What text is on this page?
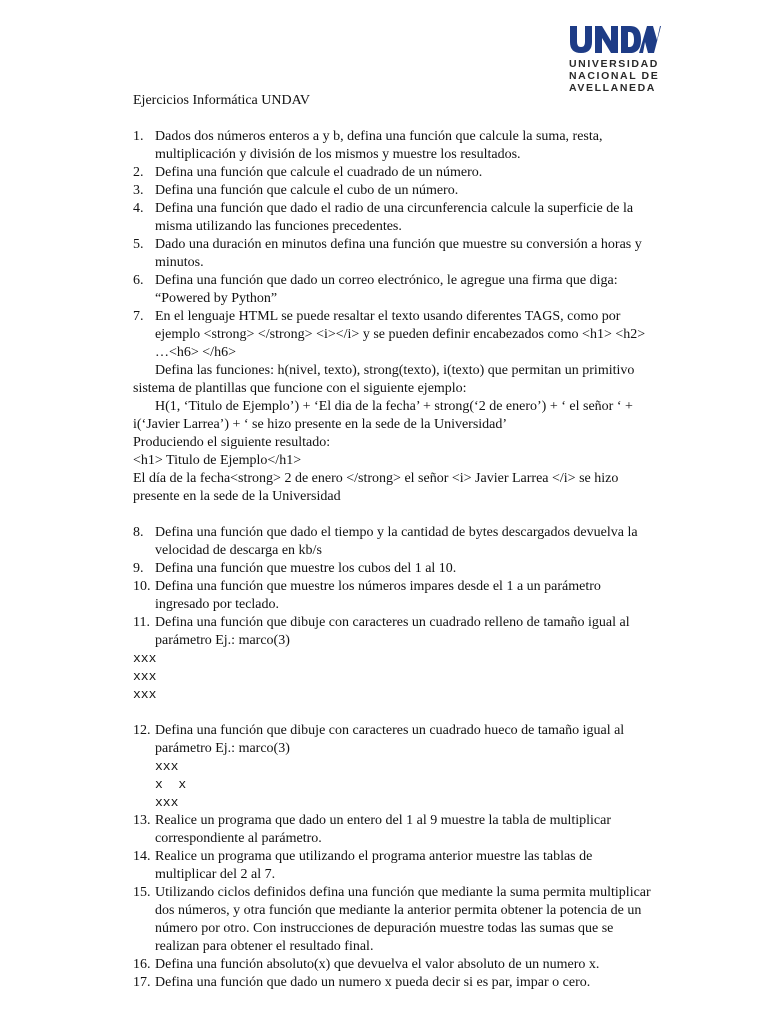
UNIVERSIDAD
NACIONAL DE
AVELLANEDA
Ejercicios Informática UNDAV
1. Dados dos números enteros a y b, defina una función que calcule la suma, resta, multiplicación y división de los mismos y muestre los resultados.
2. Defina una función que calcule el cuadrado de un número.
3. Defina una función que calcule el cubo de un número.
4. Defina una función que dado el radio de una circunferencia calcule la superficie de la misma utilizando las funciones precedentes.
5. Dado una duración en minutos defina una función que muestre su conversión a horas y minutos.
6. Defina una función que dado un correo electrónico, le agregue una firma que diga: “Powered by Python”
7. En el lenguaje HTML se puede resaltar el texto usando diferentes TAGS, como por ejemplo <strong> </strong> <i></i> y se pueden definir encabezados como <h1> <h2> …<h6> </h6>
Defina las funciones: h(nivel, texto), strong(texto), i(texto) que permitan un primitivo sistema de plantillas que funcione con el siguiente ejemplo:
H(1, ‘Titulo de Ejemplo’) + ‘El dia de la fecha’ + strong(‘2 de enero’) + ‘ el señor ‘ + i(‘Javier Larrea’) + ‘ se hizo presente en la sede de la Universidad’
Produciendo el siguiente resultado:
<h1> Titulo de Ejemplo</h1>
El día de la fecha<strong> 2 de enero </strong> el señor <i> Javier Larrea </i> se hizo presente en la sede de la Universidad
8. Defina una función que dado el tiempo y la cantidad de bytes descargados devuelva la velocidad de descarga en kb/s
9. Defina una función que muestre los cubos del 1 al 10.
10. Defina una función que muestre los números impares desde el 1 a un parámetro ingresado por teclado.
11. Defina una función que dibuje con caracteres un cuadrado relleno de tamaño igual al parámetro Ej.: marco(3)
xxx
xxx
xxx
12. Defina una función que dibuje con caracteres un cuadrado hueco de tamaño igual al parámetro Ej.: marco(3)
xxx
x  x
xxx
13. Realice un programa que dado un entero del 1 al 9 muestre la tabla de multiplicar correspondiente al parámetro.
14. Realice un programa que utilizando el programa anterior muestre las tablas de multiplicar del 2 al 7.
15. Utilizando ciclos definidos defina una función que mediante la suma permita multiplicar dos números, y otra función que mediante la anterior permita obtener la potencia de un número por otro. Con instrucciones de depuración muestre todas las sumas que se realizan para obtener el resultado final.
16. Defina una función absoluto(x) que devuelva el valor absoluto de un numero x.
17. Defina una función que dado un numero x pueda decir si es par, impar o cero.
